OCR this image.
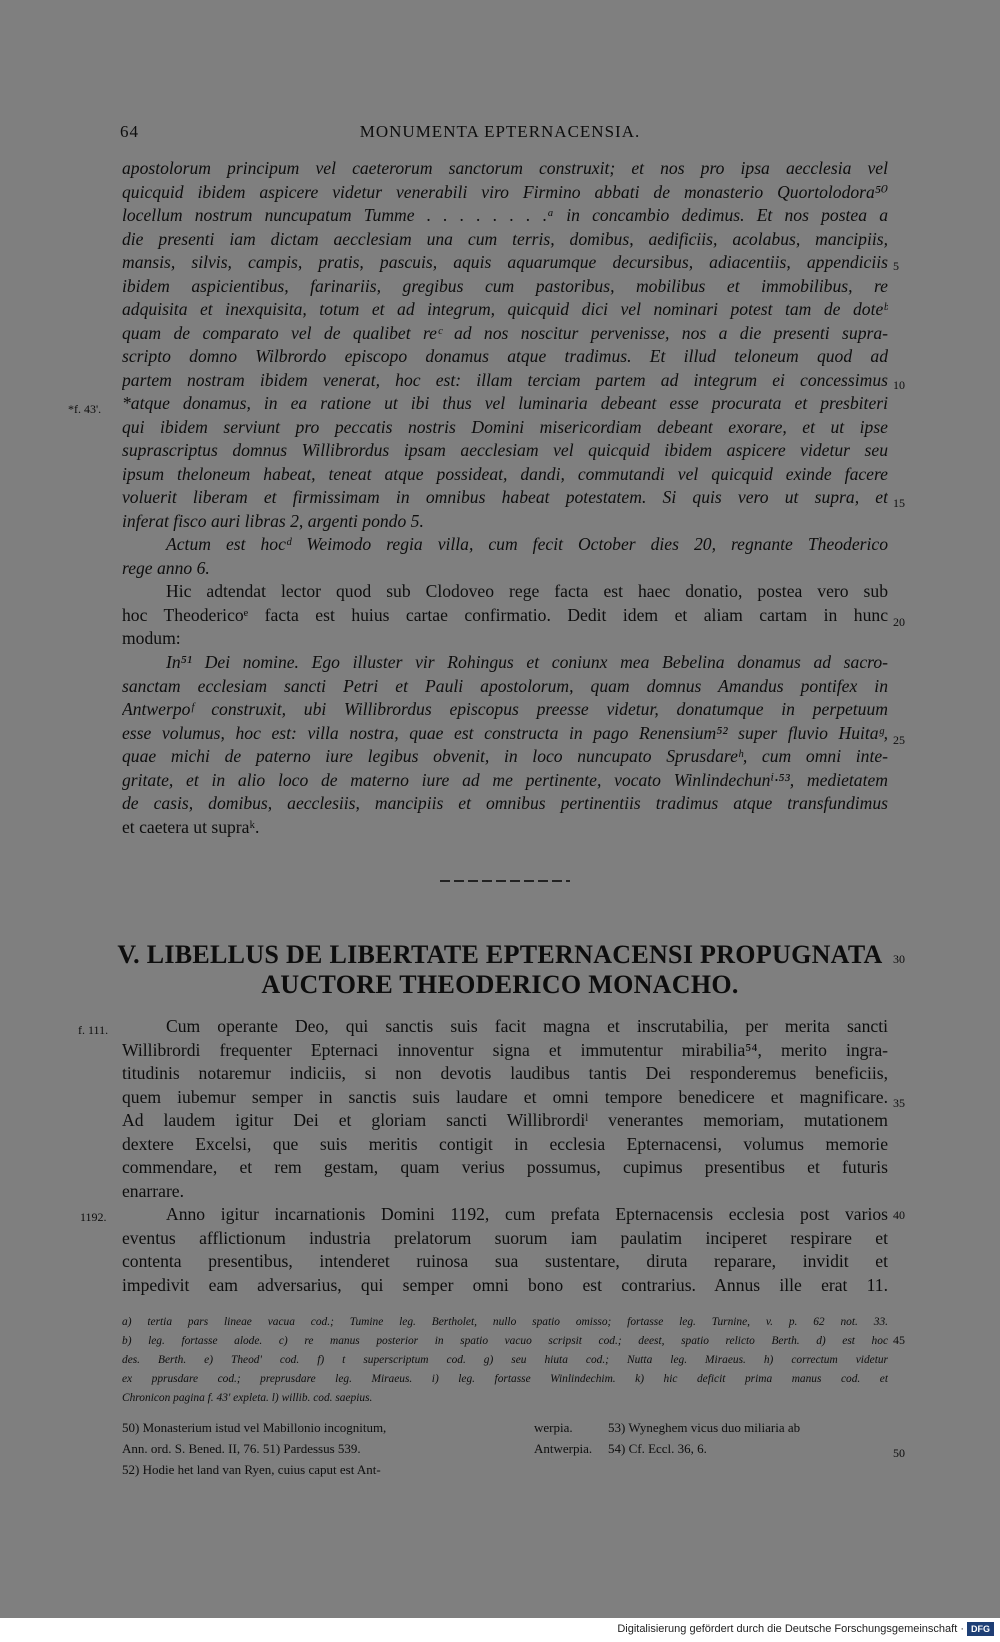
64	MONUMENTA EPTERNACENSIA.
apostolorum principum vel caeterorum sanctorum construxit; et nos pro ipsa aecclesia vel
quicquid ibidem aspicere videtur venerabili viro Firmino abbati de monasterio Quortolodora⁵⁰
locellum nostrum nuncupatum Tumme . . . . . . . .ᵃ in concambio dedimus. Et nos postea a
die presenti iam dictam aecclesiam una cum terris, domibus, aedificiis, acolabus, mancipiis,
mansis, silvis, campis, pratis, pascuis, aquis aquarumque decursibus, adiacentiis, appendiciis
ibidem aspicientibus, farinariis, gregibus cum pastoribus, mobilibus et immobilibus, re
adquisita et inexquisita, totum et ad integrum, quicquid dici vel nominari potest tam de doteᵇ
quam de comparato vel de qualibet reᶜ ad nos noscitur pervenisse, nos a die presenti supra-
scripto domno Wilbrordo episcopo donamus atque tradimus. Et illud teloneum quod ad
partem nostram ibidem venerat, hoc est: illam terciam partem ad integrum ei concessimus
*atque donamus, in ea ratione ut ibi thus vel luminaria debeant esse procurata et presbiteri
qui ibidem serviunt pro peccatis nostris Domini misericordiam debeant exorare, et ut ipse
suprascriptus domnus Willibrordus ipsam aecclesiam vel quicquid ibidem aspicere videtur seu
ipsum theloneum habeat, teneat atque possideat, dandi, commutandi vel quicquid exinde facere
voluerit liberam et firmissimam in omnibus habeat potestatem. Si quis vero ut supra, et
inferat fisco auri libras 2, argenti pondo 5.
Actum est hocᵈ Weimodo regia villa, cum fecit October dies 20, regnante Theoderico
rege anno 6.
Hic adtendat lector quod sub Clodoveo rege facta est haec donatio, postea vero sub
hoc Theodericoᵉ facta est huius cartae confirmatio. Dedit idem et aliam cartam in hunc
modum:
In⁵¹ Dei nomine. Ego illuster vir Rohingus et coniunx mea Bebelina donamus ad sacro-
sanctam ecclesiam sancti Petri et Pauli apostolorum, quam domnus Amandus pontifex in
Antwerpoᶠ construxit, ubi Willibrordus episcopus preesse videtur, donatumque in perpetuum
esse volumus, hoc est: villa nostra, quae est constructa in pago Renensium⁵² super fluvio Huitaᵍ,
quae michi de paterno iure legibus obvenit, in loco nuncupato Sprusdareʰ, cum omni inte-
gritate, et in alio loco de materno iure ad me pertinente, vocato Winlindechunⁱ·⁵³, medietatem
de casis, domibus, aecclesiis, mancipiis et omnibus pertinentiis tradimus atque transfundimus
et caetera ut supraᵏ.
V. LIBELLUS DE LIBERTATE EPTERNACENSI PROPUGNATA
AUCTORE THEODERICO MONACHO.
Cum operante Deo, qui sanctis suis facit magna et inscrutabilia, per merita sancti
Willibrordi frequenter Epternaci innoventur signa et immutentur mirabilia⁵⁴, merito ingra-
titudinis notaremur indiciis, si non devotis laudibus tantis Dei responderemus beneficiis,
quem iubemur semper in sanctis suis laudare et omni tempore benedicere et magnificare.
Ad laudem igitur Dei et gloriam sancti Willibrordiˡ venerantes memoriam, mutationem
dextere Excelsi, que suis meritis contigit in ecclesia Epternacensi, volumus memorie
commendare, et rem gestam, quam verius possumus, cupimus presentibus et futuris
enarrare.
Anno igitur incarnationis Domini 1192, cum prefata Epternacensis ecclesia post varios
eventus afflictionum industria prelatorum suorum iam paulatim inciperet respirare et
contenta presentibus, intenderet ruinosa sua sustentare, diruta reparare, invidit et
impedivit eam adversarius, qui semper omni bono est contrarius. Annus ille erat 11.
a) tertia pars lineae vacua cod.; Tumine leg. Bertholet, nullo spatio omisso; fortasse leg. Turnine, v. p. 62 not. 33.
b) leg. fortasse alode. c) re manus posterior in spatio vacuo scripsit cod.; deest, spatio relicto Berth. d) est hoc
des. Berth. e) Theod' cod. f) t superscriptum cod. g) seu hiuta cod.; Nutta leg. Miraeus. h) correctum videtur
ex pprusdare cod.; preprusdare leg. Miraeus. i) leg. fortasse Winlindechim. k) hic deficit prima manus cod. et
Chronicon pagina f. 43' expleta. l) willib. cod. saepius.
50) Monasterium istud vel Mabillonio incognitum,
Ann. ord. S. Bened. II, 76. 51) Pardessus 539.
52) Hodie het land van Ryen, cuius caput est Ant-
werpia.
Antwerpia.
53) Wyneghem vicus duo miliaria ab
54) Cf. Eccl. 36, 6.
5
10
15
20
25
30
35
40
45
50
*f. 43'.
f. 111.
1192.
Digitalisierung gefördert durch die Deutsche Forschungsgemeinschaft · DFG
